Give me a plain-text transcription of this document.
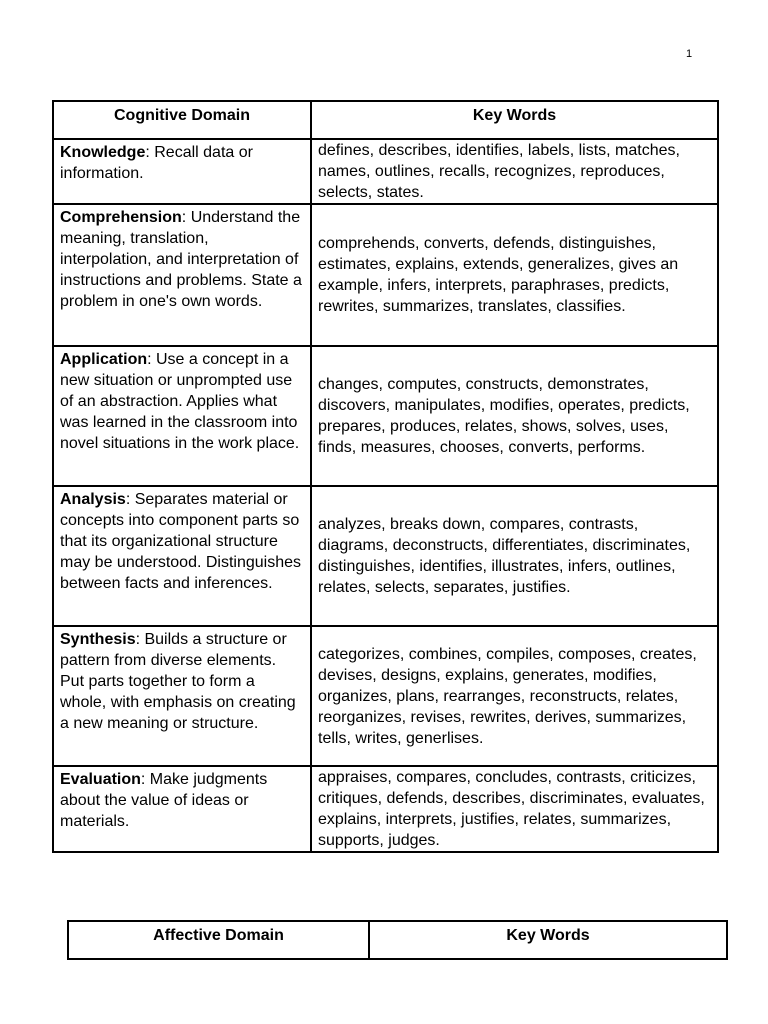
1
Cognitive Domain	Key Words
Knowledge: Recall data or information.	defines, describes, identifies, labels, lists, matches, names, outlines, recalls, recognizes, reproduces, selects, states.
Comprehension: Understand the meaning, translation, interpolation, and interpretation of instructions and problems. State a problem in one's own words.	comprehends, converts, defends, distinguishes, estimates, explains, extends, generalizes, gives an example, infers, interprets, paraphrases, predicts, rewrites, summarizes, translates, classifies.
Application: Use a concept in a new situation or unprompted use of an abstraction. Applies what was learned in the classroom into novel situations in the work place.	changes, computes, constructs, demonstrates, discovers, manipulates, modifies, operates, predicts, prepares, produces, relates, shows, solves, uses, finds, measures, chooses, converts, performs.
Analysis: Separates material or concepts into component parts so that its organizational structure may be understood. Distinguishes between facts and inferences.	analyzes, breaks down, compares, contrasts, diagrams, deconstructs, differentiates, discriminates, distinguishes, identifies, illustrates, infers, outlines, relates, selects, separates, justifies.
Synthesis: Builds a structure or pattern from diverse elements. Put parts together to form a whole, with emphasis on creating a new meaning or structure.	categorizes, combines, compiles, composes, creates, devises, designs, explains, generates, modifies, organizes, plans, rearranges, reconstructs, relates, reorganizes, revises, rewrites, derives, summarizes, tells, writes, generlises.
Evaluation: Make judgments about the value of ideas or materials.	appraises, compares, concludes, contrasts, criticizes, critiques, defends, describes, discriminates, evaluates, explains, interprets, justifies, relates, summarizes, supports, judges.
Affective Domain	Key Words
